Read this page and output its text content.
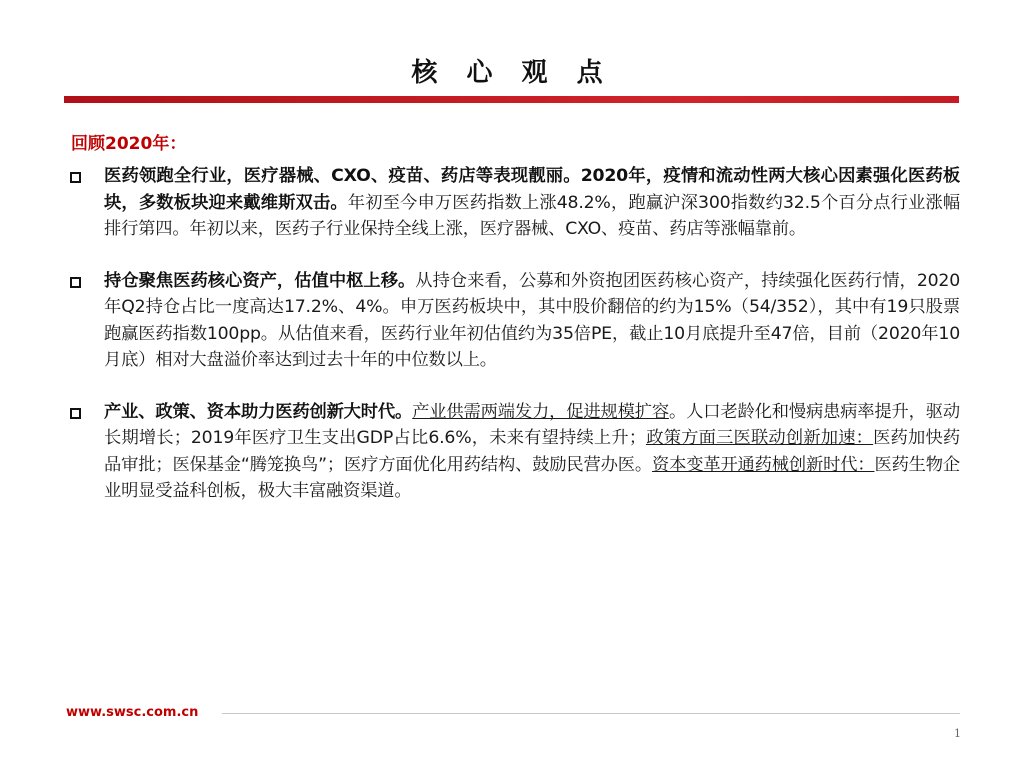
核 心 观 点
回顾2020年：
医药领跑全行业，医疗器械、CXO、疫苗、药店等表现靓丽。2020年，疫情和流动性两大核心因素强化医药板块，多数板块迎来戴维斯双击。年初至今申万医药指数上涨48.2%，跑赢沪深300指数约32.5个百分点行业涨幅排行第四。年初以来，医药子行业保持全线上涨，医疗器械、CXO、疫苗、药店等涨幅靠前。
持仓聚焦医药核心资产，估值中枢上移。从持仓来看，公募和外资抱团医药核心资产，持续强化医药行情，2020年Q2持仓占比一度高达17.2%、4%。申万医药板块中，其中股价翻倍的约为15%（54/352），其中有19只股票跑赢医药指数100pp。从估值来看，医药行业年初估值约为35倍PE，截止10月底提升至47倍，目前（2020年10月底）相对大盘溢价率达到过去十年的中位数以上。
产业、政策、资本助力医药创新大时代。产业供需两端发力，促进规模扩容。人口老龄化和慢病患病率提升，驱动长期增长；2019年医疗卫生支出GDP占比6.6%，未来有望持续上升；政策方面三医联动创新加速：医药加快药品审批；医保基金“腾笼换鸟”；医疗方面优化用药结构、鼓励民营办医。资本变革开通药械创新时代：医药生物企业明显受益科创板，极大丰富融资渠道。
www.swsc.com.cn
1
